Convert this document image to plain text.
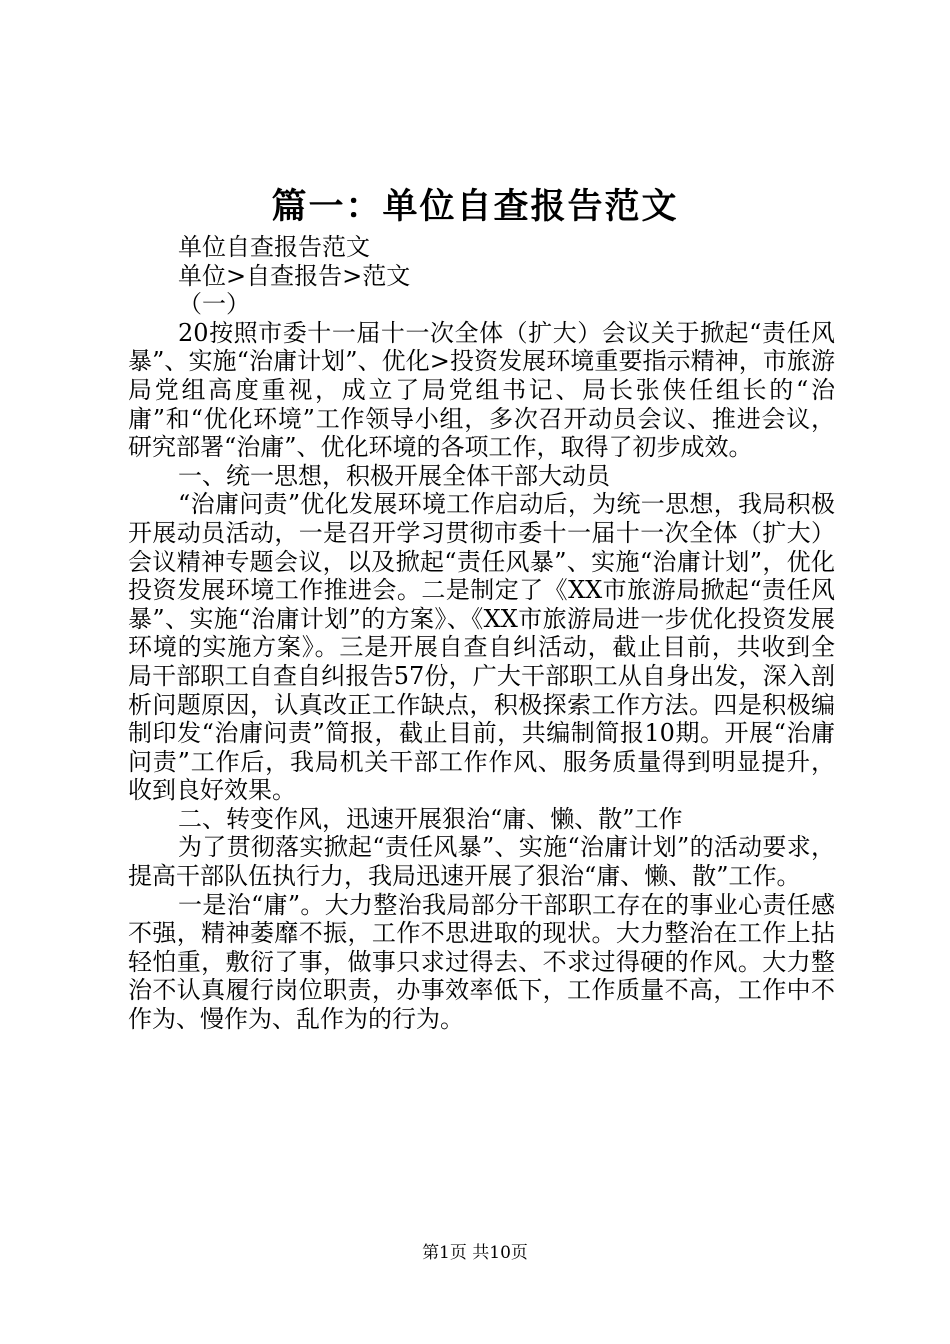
篇一：单位自查报告范文

单位自查报告范文

单位>自查报告>范文

（一）

20按照市委十一届十一次全体（扩大）会议关于掀起“责任风暴”、实施“治庸计划”、优化>投资发展环境重要指示精神，市旅游局党组高度重视，成立了局党组书记、局长张侠任组长的“治庸”和“优化环境”工作领导小组，多次召开动员会议、推进会议，研究部署“治庸”、优化环境的各项工作，取得了初步成效。

一、统一思想，积极开展全体干部大动员

“治庸问责”优化发展环境工作启动后，为统一思想，我局积极开展动员活动，一是召开学习贯彻市委十一届十一次全体（扩大）会议精神专题会议，以及掀起“责任风暴”、实施“治庸计划”，优化投资发展环境工作推进会。二是制定了《XX市旅游局掀起“责任风暴”、实施“治庸计划”的方案》、《XX市旅游局进一步优化投资发展环境的实施方案》。三是开展自查自纠活动，截止目前，共收到全局干部职工自查自纠报告57份，广大干部职工从自身出发，深入剖析问题原因，认真改正工作缺点，积极探索工作方法。四是积极编制印发“治庸问责”简报，截止目前，共编制简报10期。开展“治庸问责”工作后，我局机关干部工作作风、服务质量得到明显提升，收到良好效果。

二、转变作风，迅速开展狠治“庸、懒、散”工作

为了贯彻落实掀起“责任风暴”、实施“治庸计划”的活动要求，提高干部队伍执行力，我局迅速开展了狠治“庸、懒、散”工作。

一是治“庸”。大力整治我局部分干部职工存在的事业心责任感不强，精神萎靡不振，工作不思进取的现状。大力整治在工作上拈轻怕重，敷衍了事，做事只求过得去、不求过得硬的作风。大力整治不认真履行岗位职责，办事效率低下，工作质量不高，工作中不作为、慢作为、乱作为的行为。

第1页 共10页
